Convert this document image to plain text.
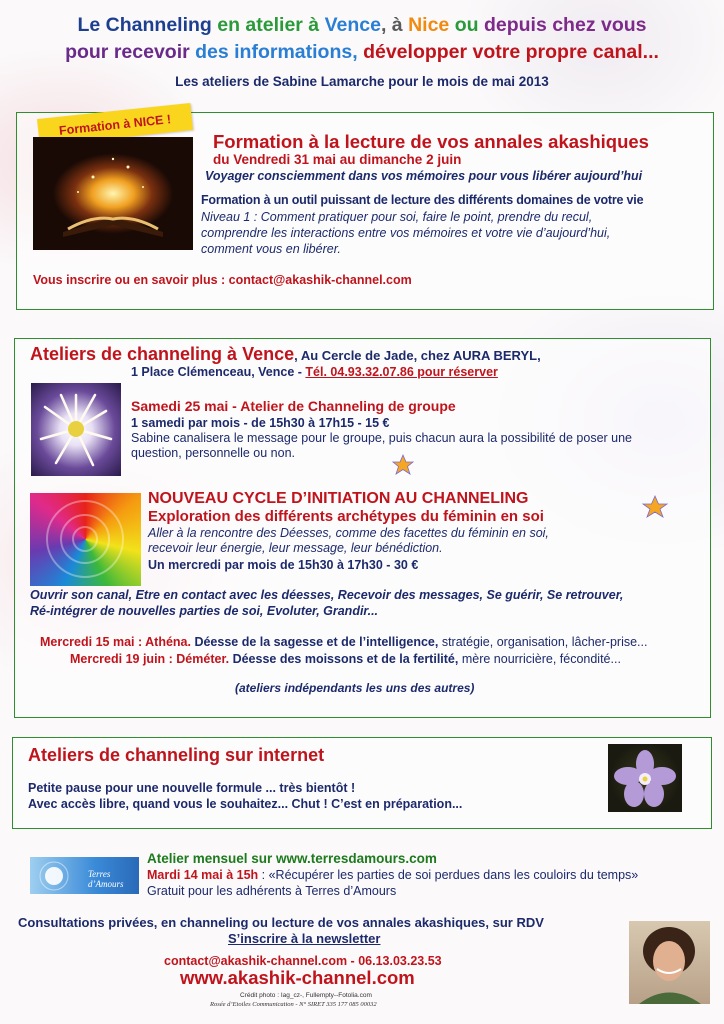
Le Channeling en atelier à Vence, à Nice ou depuis chez vous
pour recevoir des informations, développer votre propre canal...
Les ateliers de Sabine Lamarche pour le mois de mai 2013
Formation à NICE !
Formation à la lecture de vos annales akashiques
du Vendredi 31 mai au dimanche 2 juin
Voyager consciemment dans vos mémoires pour vous libérer aujourd’hui
Formation à un outil puissant de lecture des différents domaines de votre vie
Niveau 1 : Comment pratiquer pour soi, faire le point, prendre du recul,
comprendre les interactions entre vos mémoires et votre vie d’aujourd’hui,
comment vous en libérer.
Vous inscrire ou en savoir plus : contact@akashik-channel.com
Ateliers de channeling à Vence, Au Cercle de Jade, chez AURA BERYL,
1 Place Clémenceau, Vence - Tél. 04.93.32.07.86 pour réserver
Samedi 25 mai - Atelier de Channeling de groupe
1 samedi par mois - de 15h30 à 17h15 - 15 €
Sabine canalisera le message pour le groupe, puis chacun aura la possibilité de poser une
question, personnelle ou non.
NOUVEAU CYCLE D’INITIATION AU CHANNELING
Exploration des différents archétypes du féminin en soi
Aller à la rencontre des Déesses, comme des facettes du féminin en soi,
recevoir leur énergie, leur message, leur bénédiction.
Un mercredi par mois de 15h30 à 17h30 - 30 €
Ouvrir son canal, Etre en contact avec les déesses, Recevoir des messages, Se guérir, Se retrouver,
Ré-intégrer de nouvelles parties de soi, Evoluter, Grandir...
Mercredi 15 mai : Athéna. Déesse de la sagesse et de l’intelligence, stratégie, organisation, lâcher-prise...
Mercredi 19 juin : Déméter. Déesse des moissons et de la fertilité, mère nourricière, fécondité...
(ateliers indépendants les uns des autres)
Ateliers de channeling sur internet
Petite pause pour une nouvelle formule ... très bientôt !
Avec accès libre, quand vous le souhaitez... Chut ! C’est en préparation...
Terres d’Amours
Atelier mensuel sur www.terresdamours.com
Mardi 14 mai à 15h : «Récupérer les parties de soi perdues dans les couloirs du temps»
Gratuit pour les adhérents à Terres d’Amours
Consultations privées, en channeling ou lecture de vos annales akashiques, sur RDV
S’inscrire à la newsletter
contact@akashik-channel.com - 06.13.03.23.53
www.akashik-channel.com
Crédit photo : Iag_cz-, Fullempty--Fotolia.com
Rosée d’Etoiles Communication - N° SIRET 335 177 085 00032
